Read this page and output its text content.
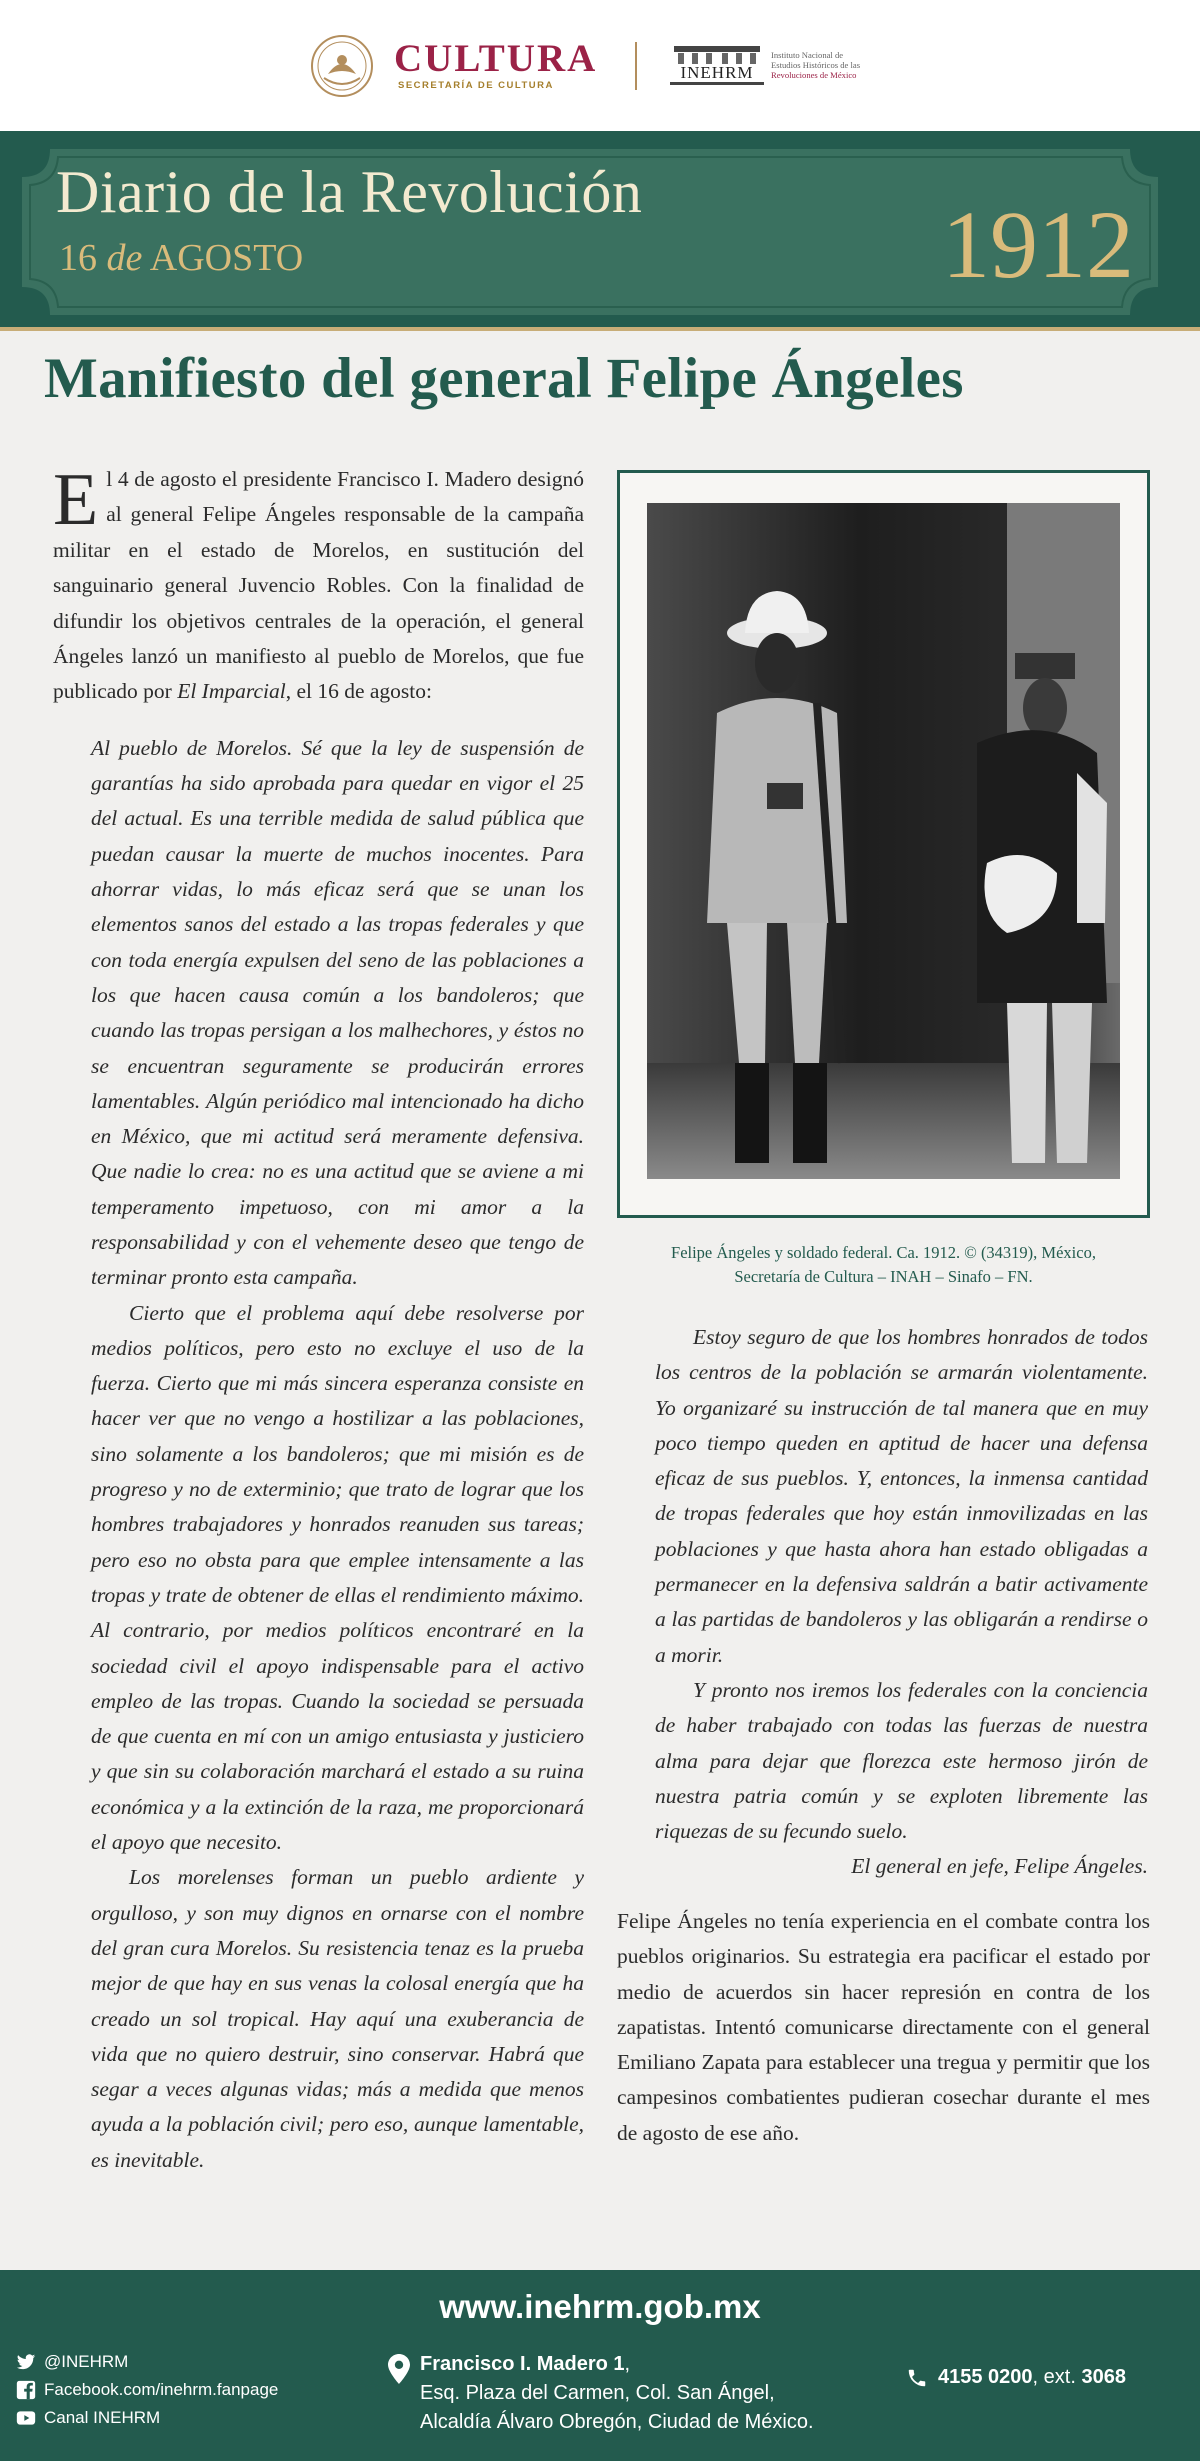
CULTURA
SECRETARÍA DE CULTURA
INEHRM
Instituto Nacional de
Estudios Históricos de las
Revoluciones de México
Diario de la Revolución
16 de AGOSTO	1912
Manifiesto del general Felipe Ángeles

El 4 de agosto el presidente Francisco I. Madero designó al general Felipe Ángeles responsable de la campaña militar en el estado de Morelos, en sustitución del sanguinario general Juvencio Robles. Con la finalidad de difundir los objetivos centrales de la operación, el general Ángeles lanzó un manifiesto al pueblo de Morelos, que fue publicado por El Imparcial, el 16 de agosto:

Al pueblo de Morelos. Sé que la ley de suspensión de garantías ha sido aprobada para quedar en vigor el 25 del actual. Es una terrible medida de salud pública que puedan causar la muerte de muchos inocentes. Para ahorrar vidas, lo más eficaz será que se unan los elementos sanos del estado a las tropas federales y que con toda energía expulsen del seno de las poblaciones a los que hacen causa común a los bandoleros; que cuando las tropas persigan a los malhechores, y éstos no se encuentran seguramente se producirán errores lamentables. Algún periódico mal intencionado ha dicho en México, que mi actitud será meramente defensiva. Que nadie lo crea: no es una actitud que se aviene a mi temperamento impetuoso, con mi amor a la responsabilidad y con el vehemente deseo que tengo de terminar pronto esta campaña.

Cierto que el problema aquí debe resolverse por medios políticos, pero esto no excluye el uso de la fuerza. Cierto que mi más sincera esperanza consiste en hacer ver que no vengo a hostilizar a las poblaciones, sino solamente a los bandoleros; que mi misión es de progreso y no de exterminio; que trato de lograr que los hombres trabajadores y honrados reanuden sus tareas; pero eso no obsta para que emplee intensamente a las tropas y trate de obtener de ellas el rendimiento máximo. Al contrario, por medios políticos encontraré en la sociedad civil el apoyo indispensable para el activo empleo de las tropas. Cuando la sociedad se persuada de que cuenta en mí con un amigo entusiasta y justiciero y que sin su colaboración marchará el estado a su ruina económica y a la extinción de la raza, me proporcionará el apoyo que necesito.

Los morelenses forman un pueblo ardiente y orgulloso, y son muy dignos en ornarse con el nombre del gran cura Morelos. Su resistencia tenaz es la prueba mejor de que hay en sus venas la colosal energía que ha creado un sol tropical. Hay aquí una exuberancia de vida que no quiero destruir, sino conservar. Habrá que segar a veces algunas vidas; más a medida que menos ayuda a la población civil; pero eso, aunque lamentable, es inevitable.

Felipe Ángeles y soldado federal. Ca. 1912. © (34319), México,
Secretaría de Cultura – INAH – Sinafo – FN.

Estoy seguro de que los hombres honrados de todos los centros de la población se armarán violentamente. Yo organizaré su instrucción de tal manera que en muy poco tiempo queden en aptitud de hacer una defensa eficaz de sus pueblos. Y, entonces, la inmensa cantidad de tropas federales que hoy están inmovilizadas en las poblaciones y que hasta ahora han estado obligadas a permanecer en la defensiva saldrán a batir activamente a las partidas de bandoleros y las obligarán a rendirse o a morir.

Y pronto nos iremos los federales con la conciencia de haber trabajado con todas las fuerzas de nuestra alma para dejar que florezca este hermoso jirón de nuestra patria común y se exploten libremente las riquezas de su fecundo suelo.

El general en jefe, Felipe Ángeles.

Felipe Ángeles no tenía experiencia en el combate contra los pueblos originarios. Su estrategia era pacificar el estado por medio de acuerdos sin hacer represión en contra de los zapatistas. Intentó comunicarse directamente con el general Emiliano Zapata para establecer una tregua y permitir que los campesinos combatientes pudieran cosechar durante el mes de agosto de ese año.

www.inehrm.gob.mx
@INEHRM
Facebook.com/inehrm.fanpage
Canal INEHRM
Francisco I. Madero 1,
Esq. Plaza del Carmen, Col. San Ángel,
Alcaldía Álvaro Obregón, Ciudad de México.
4155 0200 , ext.
3068
